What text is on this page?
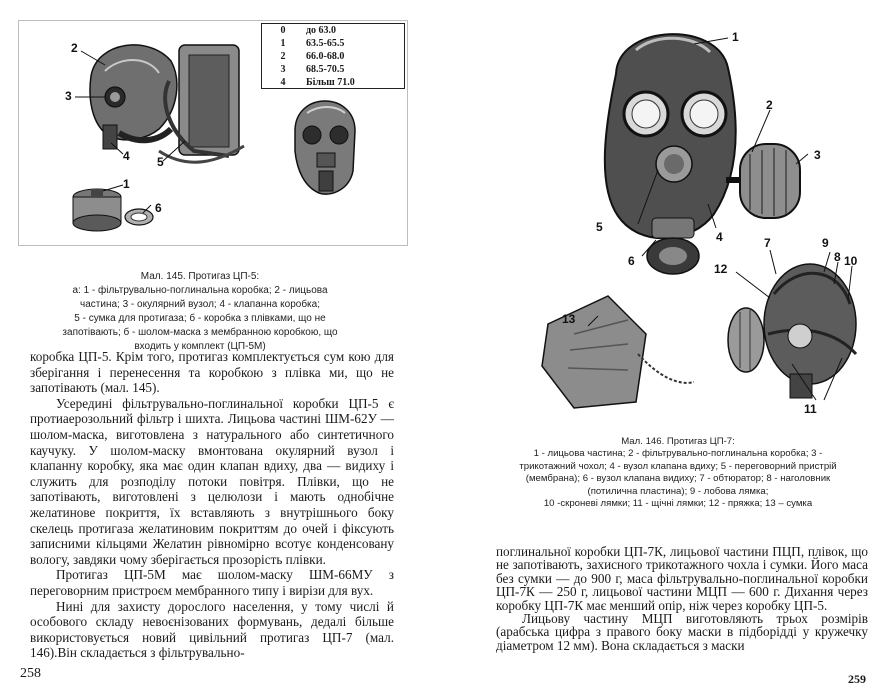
0	до 63.0
1	63.5-65.5
2	66.0-68.0
3	68.5-70.5
4	Більш 71.0
2
3
4 5
1
6
Мал. 145. Протигаз ЦП-5:
а: 1 - фільтрувально-поглинальна коробка; 2 - лицьова
частина; 3 - окулярний вузол; 4 - клапанна коробка;
5 - сумка для протигаза; б - коробка з плівками, що не
запотівають; б - шолом-маска з мембранною коробкою, що
входить у комплект (ЦП-5М)

коробка ЦП-5. Крім того, протигаз комплектується сум кою для зберігання і перенесення та коробкою з плівка ми, що не запотівають (мал. 145).

Усередині фільтрувально-поглинальної коробки ЦП-5 є протиаерозольний фільтр і шихта. Лицьова частині ШМ-62У — шолом-маска, виготовлена з натурального або синтетичного каучуку. У шолом-маску вмонтована окулярний вузол і клапанну коробку, яка має один клапан вдиху, два — видиху і служить для розподілу потоки повітря. Плівки, що не запотівають, виготовлені з целюлози і мають однобічне желатинове покриття, їх вставляють з внутрішнього боку скелець протигаза желатиновим покриттям до очей і фіксують записними кільцями Желатин рівномірно всотує конденсовану вологу, завдяки чому зберігається прозорість плівки.

Протигаз ЦП-5М має шолом-маску ШМ-66МУ з переговорним пристроєм мембранного типу і вирізи для вух.

Нині для захисту дорослого населення, у тому числі й особового складу невоєнізованих формувань, дедалі більше використовується новий цивільний протигаз ЦП-7 (мал. 146).Він складається з фільтрувально-

258
1
2
3
4
5
6
7	9
8 10
12
13
11
Мал. 146. Протигаз ЦП-7:
1 - лицьова частина; 2 - фільтрувально-поглинальна коробка; 3 -
трикотажний чохол; 4 - вузол клапана вдиху; 5 - переговорний пристрій
(мембрана); 6 - вузол клапана видиху; 7 - обтюратор; 8 - наголовник
(потилична пластина); 9 - лобова лямка;
10 -скроневі лямки; 11 - щічні лямки; 12 - пряжка; 13 – сумка

поглинальної коробки ЦП-7К, лицьової частини ПЦП, плівок, що не запотівають, захисного трикотажного чохла і сумки. Його маса без сумки — до 900 г, маса фільтрувально-поглинальної коробки ЦП-7К — 250 г, лицьової частини МЦП — 600 г. Дихання через коробку ЦП-7К має менший опір, ніж через коробку ЦП-5.

Лицьову частину МЦП виготовляють трьох розмірів (арабська цифра з правого боку маски в підборідді у кружечку діаметром 12 мм). Вона складається з маски

259
